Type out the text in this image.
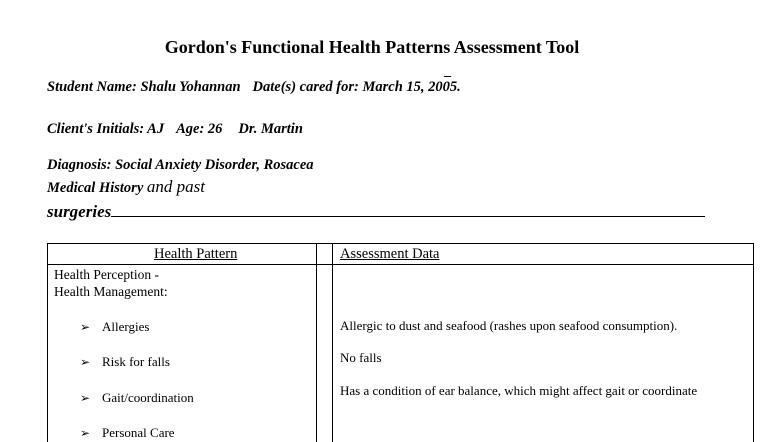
Gordon's Functional Health Patterns Assessment Tool
_
Student Name: Shalu Yohannan Date(s) cared for: March 15, 2005.
Client's Initials: AJ Age: 26 Dr. Martin
Diagnosis: Social Anxiety Disorder, Rosacea
Medical History and past
surgeries
Health Pattern	Assessment Data
Health Perception -
Health Management:
➢ Allergies	Allergic to dust and seafood (rashes upon seafood consumption).
➢ Risk for falls	No falls
➢ Gait/coordination	Has a condition of ear balance, which might affect gait or coordinate
➢ Personal Care
